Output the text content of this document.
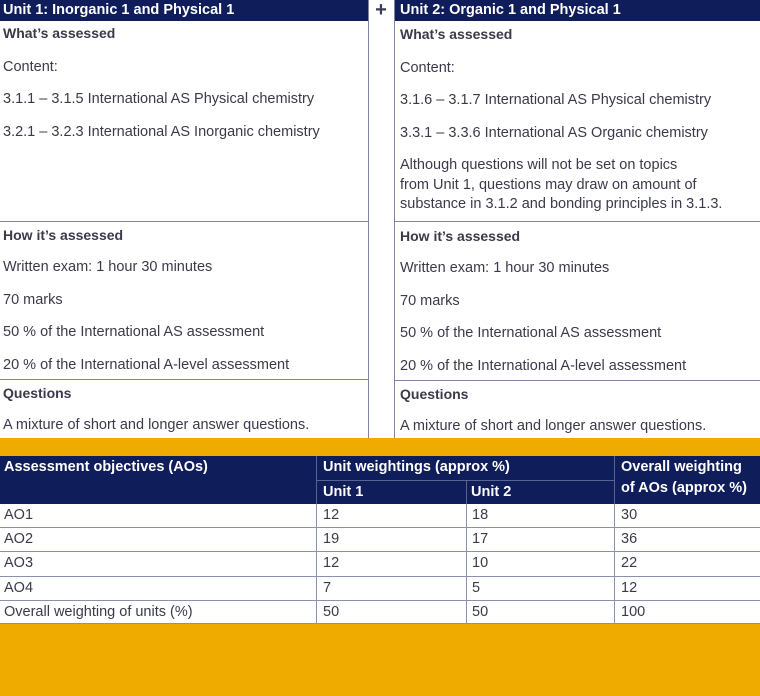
Unit 1: Inorganic 1 and Physical 1
What’s assessed
Content:
3.1.1 – 3.1.5 International AS Physical chemistry
3.2.1 – 3.2.3 International AS Inorganic chemistry
How it’s assessed
Written exam: 1 hour 30 minutes
70 marks
50 % of the International AS assessment
20 % of the International A-level assessment
Questions
A mixture of short and longer answer questions.
+ Unit 2: Organic 1 and Physical 1
What’s assessed
Content:
3.1.6 – 3.1.7 International AS Physical chemistry
3.3.1 – 3.3.6 International AS Organic chemistry
Although questions will not be set on topics
from Unit 1, questions may draw on amount of
substance in 3.1.2 and bonding principles in 3.1.3.
How it’s assessed
Written exam: 1 hour 30 minutes
70 marks
50 % of the International AS assessment
20 % of the International A-level assessment
Questions
A mixture of short and longer answer questions.
Assessment objectives (AOs)	Unit weightings (approx %)
Unit 1	Unit 2
Overall weighting
of AOs (approx %)
AO1	12	18	30
AO2	19	17	36
AO3	12	10	22
AO4	7	5	12
Overall weighting of units (%)	50	50	100
